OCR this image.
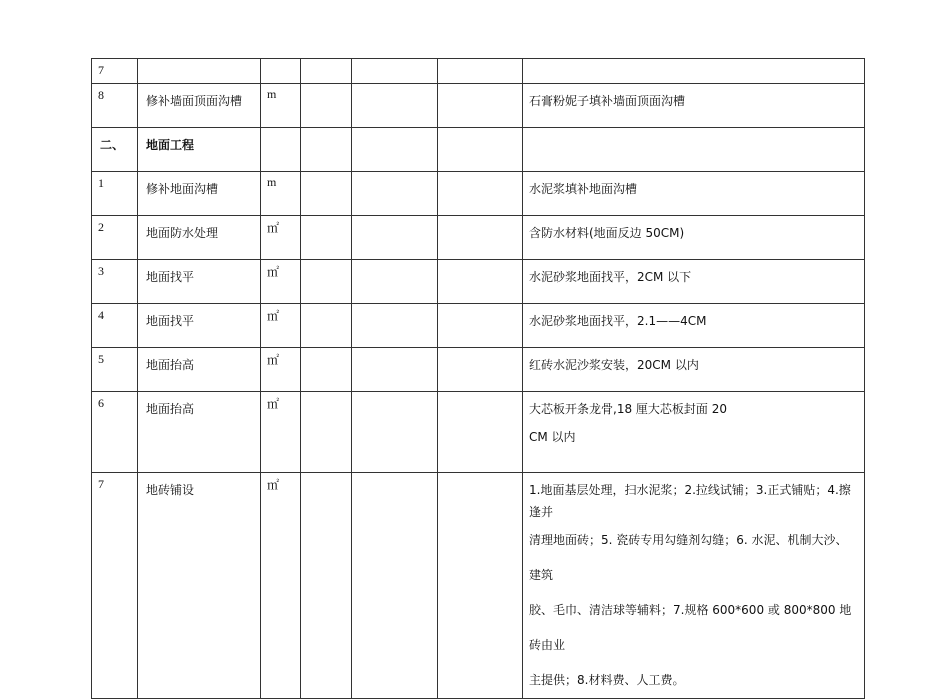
7						
8	修补墙面顶面沟槽	m				石膏粉妮子填补墙面顶面沟槽
二、	地面工程					
1	修补地面沟槽	m				水泥浆填补地面沟槽
2	地面防水处理	㎡				含防水材料(地面反边 50CM)
3	地面找平	㎡				水泥砂浆地面找平，2CM 以下
4	地面找平	㎡				水泥砂浆地面找平，2.1——4CM
5	地面抬高	㎡				红砖水泥沙浆安装，20CM 以内
6	地面抬高	㎡				大芯板开条龙骨,18 厘大芯板封面 20
CM 以内

7	地砖铺设	㎡				1.地面基层处理，扫水泥浆；2.拉线试铺；3.正式铺贴；4.擦逢并
清理地面砖；5. 瓷砖专用勾缝剂勾缝；6. 水泥、机制大沙、建筑
胶、毛巾、清洁球等辅料；7.规格 600*600 或 800*800 地砖由业
主提供；8.材料费、人工费。
